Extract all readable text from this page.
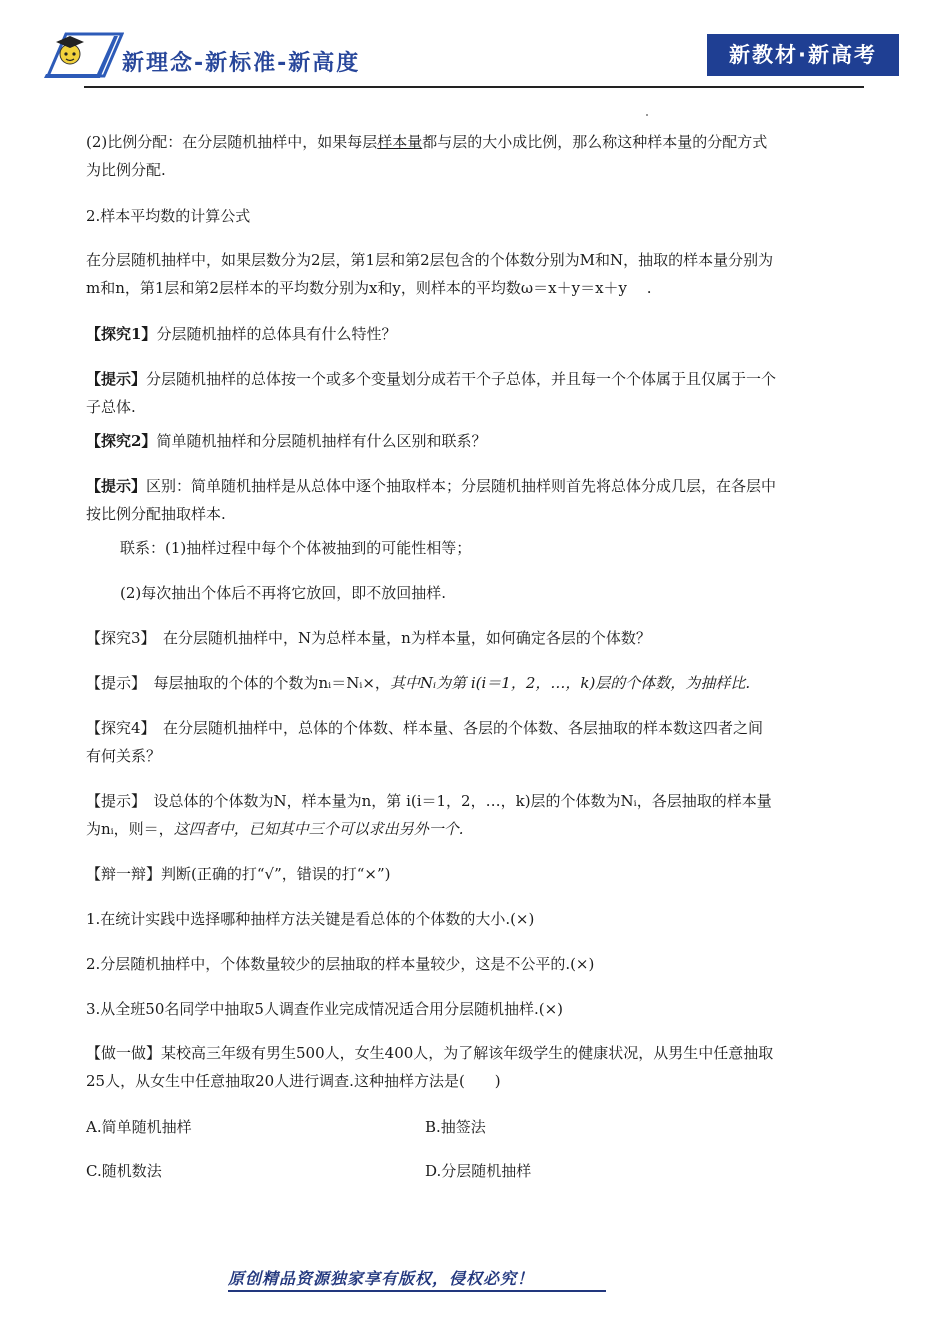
新理念-新标准-新高度	新教材·新高考
(2)比例分配：在分层随机抽样中，如果每层样本量都与层的大小成比例，那么称这种样本量的分配方式
为比例分配.
2.样本平均数的计算公式
在分层随机抽样中，如果层数分为2层，第1层和第2层包含的个体数分别为M和N，抽取的样本量分别为
m和n，第1层和第2层样本的平均数分别为x和y，则样本的平均数ω＝x＋y＝x＋y　 .
【探究1】分层随机抽样的总体具有什么特性？
【提示】分层随机抽样的总体按一个或多个变量划分成若干个子总体，并且每一个个体属于且仅属于一个
子总体.
【探究2】简单随机抽样和分层随机抽样有什么区别和联系？
【提示】区别：简单随机抽样是从总体中逐个抽取样本；分层随机抽样则首先将总体分成几层，在各层中
按比例分配抽取样本.
联系：(1)抽样过程中每个个体被抽到的可能性相等；
(2)每次抽出个体后不再将它放回，即不放回抽样.
【探究3】　在分层随机抽样中，N为总样本量，n为样本量，如何确定各层的个体数？
【提示】　每层抽取的个体的个数为nᵢ＝Nᵢ×，其中Nᵢ为第 i(i＝1，2，…，k)层的个体数，为抽样比.
【探究4】　在分层随机抽样中，总体的个体数、样本量、各层的个体数、各层抽取的样本数这四者之间
有何关系？
【提示】　设总体的个体数为N，样本量为n，第 i(i＝1，2，…，k)层的个体数为Nᵢ，各层抽取的样本量
为nᵢ，则＝，这四者中，已知其中三个可以求出另外一个.
【辩一辩】判断(正确的打“√”，错误的打“×”)
1.在统计实践中选择哪种抽样方法关键是看总体的个体数的大小.(×)
2.分层随机抽样中，个体数量较少的层抽取的样本量较少，这是不公平的.(×)
3.从全班50名同学中抽取5人调查作业完成情况适合用分层随机抽样.(×)
【做一做】某校高三年级有男生500人，女生400人，为了解该年级学生的健康状况，从男生中任意抽取
25人，从女生中任意抽取20人进行调查.这种抽样方法是(　　)
A.简单随机抽样	B.抽签法
C.随机数法	D.分层随机抽样
原创精品资源独家享有版权，侵权必究！
